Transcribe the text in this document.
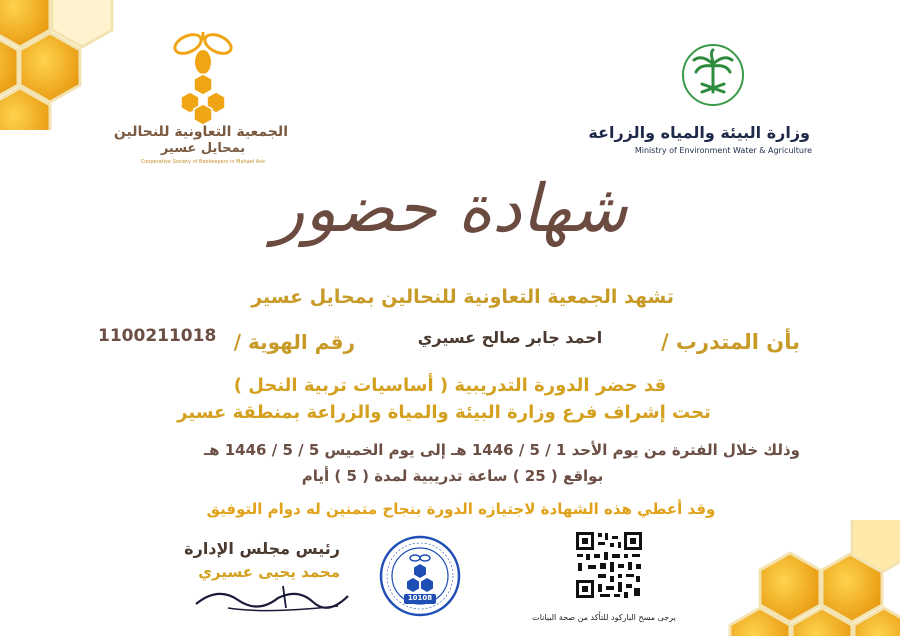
الجمعية التعاونية للنحالين
بمحايل عسير
Cooperative Society of Beekeepers in Mahael Asir
وزارة البيئة والمياه والزراعة
Ministry of Environment Water & Agriculture
شهادة حضور
تشهد الجمعية التعاونية للنحالين بمحايل عسير
بأن المتدرب /
احمد جابر صالح عسيري
رقم الهوية /
1100211018
قد حضر الدورة التدريبية ( أساسيات تربية النحل )
تحت إشراف فرع وزارة البيئة والمياة والزراعة بمنطقة عسير
وذلك خلال الفترة من يوم الأحد 1 / 5 / 1446 هـ إلى يوم الخميس 5 / 5 / 1446 هـ
بواقع ( 25 ) ساعة تدريبية لمدة ( 5 ) أيام
وقد أعطي هذه الشهادة لاجتيازه الدورة بنجاح متمنين له دوام التوفيق
رئيس مجلس الإدارة
محمد يحيى عسيري
10108
يرجى مسح الباركود للتأكد من صحة البيانات
